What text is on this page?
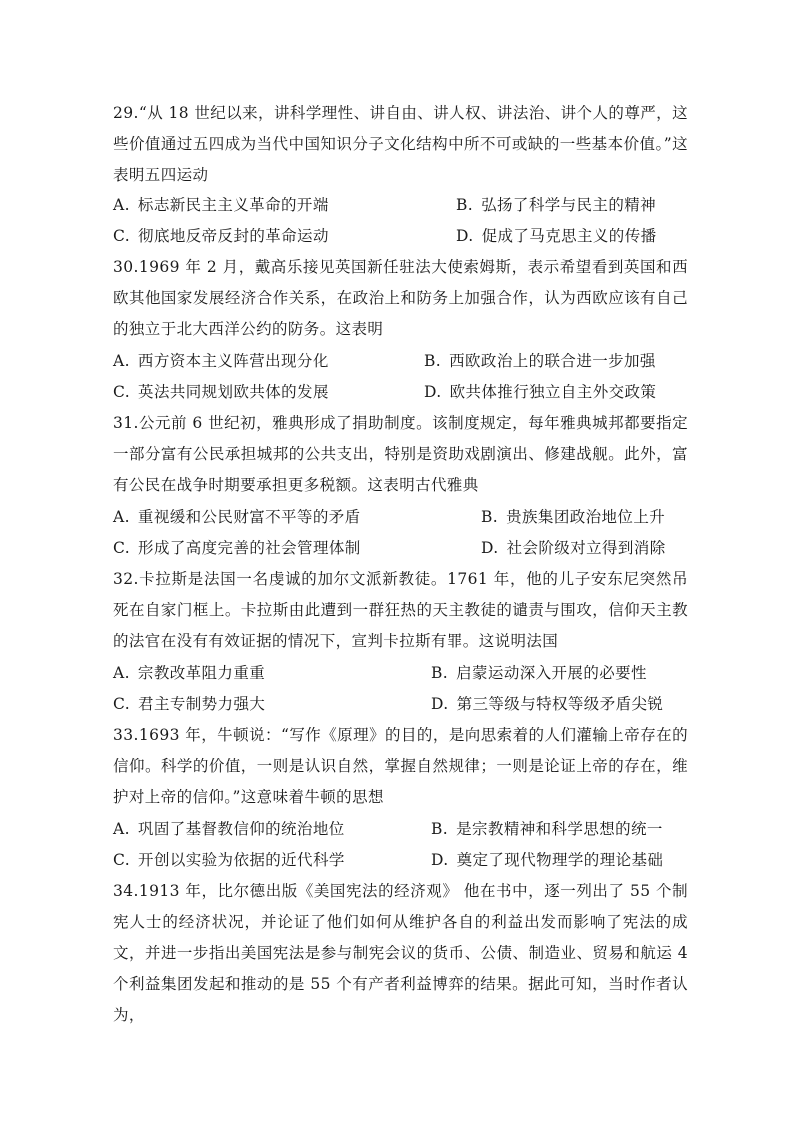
29.“从 18 世纪以来，讲科学理性、讲自由、讲人权、讲法治、讲个人的尊严，这些价值通过五四成为当代中国知识分子文化结构中所不可或缺的一些基本价值。”这表明五四运动
A. 标志新民主主义革命的开端	B. 弘扬了科学与民主的精神
C. 彻底地反帝反封的革命运动	D. 促成了马克思主义的传播
30.1969 年 2 月，戴高乐接见英国新任驻法大使索姆斯，表示希望看到英国和西欧其他国家发展经济合作关系，在政治上和防务上加强合作，认为西欧应该有自己的独立于北大西洋公约的防务。这表明
A. 西方资本主义阵营出现分化	B. 西欧政治上的联合进一步加强
C. 英法共同规划欧共体的发展	D. 欧共体推行独立自主外交政策
31.公元前 6 世纪初，雅典形成了捐助制度。该制度规定，每年雅典城邦都要指定一部分富有公民承担城邦的公共支出，特别是资助戏剧演出、修建战舰。此外，富有公民在战争时期要承担更多税额。这表明古代雅典
A. 重视缓和公民财富不平等的矛盾	B. 贵族集团政治地位上升
C. 形成了高度完善的社会管理体制	D. 社会阶级对立得到消除
32.卡拉斯是法国一名虔诚的加尔文派新教徒。1761 年，他的儿子安东尼突然吊死在自家门框上。卡拉斯由此遭到一群狂热的天主教徒的谴责与围攻，信仰天主教的法官在没有有效证据的情况下，宣判卡拉斯有罪。这说明法国
A. 宗教改革阻力重重	B. 启蒙运动深入开展的必要性
C. 君主专制势力强大	D. 第三等级与特权等级矛盾尖锐
33.1693 年，牛顿说：“写作《原理》的目的，是向思索着的人们灌输上帝存在的信仰。科学的价值，一则是认识自然，掌握自然规律；一则是论证上帝的存在，维护对上帝的信仰。”这意味着牛顿的思想
A. 巩固了基督教信仰的统治地位	B. 是宗教精神和科学思想的统一
C. 开创以实验为依据的近代科学	D. 奠定了现代物理学的理论基础
34.1913 年，比尔德出版《美国宪法的经济观》 他在书中，逐一列出了 55 个制宪人士的经济状况，并论证了他们如何从维护各自的利益出发而影响了宪法的成文，并进一步指出美国宪法是参与制宪会议的货币、公债、制造业、贸易和航运 4 个利益集团发起和推动的是 55 个有产者利益博弈的结果。据此可知，当时作者认为，
